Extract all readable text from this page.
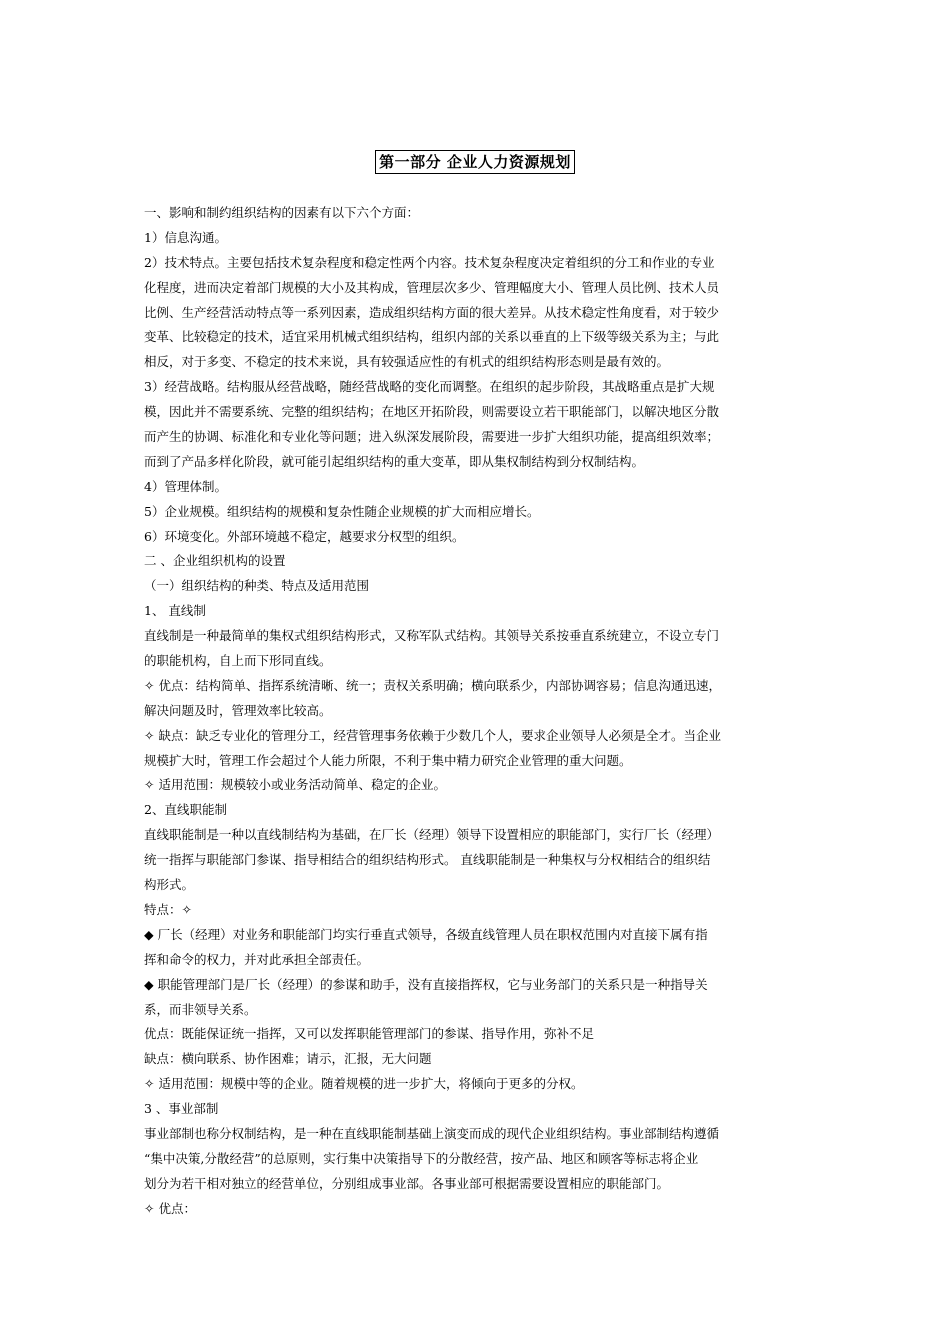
第一部分 企业人力资源规划
一、影响和制约组织结构的因素有以下六个方面：
1）信息沟通。
2）技术特点。主要包括技术复杂程度和稳定性两个内容。技术复杂程度决定着组织的分工和作业的专业
化程度，进而决定着部门规模的大小及其构成，管理层次多少、管理幅度大小、管理人员比例、技术人员
比例、生产经营活动特点等一系列因素，造成组织结构方面的很大差异。从技术稳定性角度看，对于较少
变革、比较稳定的技术，适宜采用机械式组织结构，组织内部的关系以垂直的上下级等级关系为主；与此
相反，对于多变、不稳定的技术来说，具有较强适应性的有机式的组织结构形态则是最有效的。
3）经营战略。结构服从经营战略，随经营战略的变化而调整。在组织的起步阶段，其战略重点是扩大规
模，因此并不需要系统、完整的组织结构；在地区开拓阶段，则需要设立若干职能部门，以解决地区分散
而产生的协调、标准化和专业化等问题；进入纵深发展阶段，需要进一步扩大组织功能，提高组织效率；
而到了产品多样化阶段，就可能引起组织结构的重大变革，即从集权制结构到分权制结构。
4）管理体制。
5）企业规模。组织结构的规模和复杂性随企业规模的扩大而相应增长。
6）环境变化。外部环境越不稳定，越要求分权型的组织。
二 、企业组织机构的设置
（一）组织结构的种类、特点及适用范围
1、 直线制
直线制是一种最简单的集权式组织结构形式，又称军队式结构。其领导关系按垂直系统建立，不设立专门
的职能机构，自上而下形同直线。
✧ 优点：结构简单、指挥系统清晰、统一；责权关系明确；横向联系少，内部协调容易；信息沟通迅速，
解决问题及时，管理效率比较高。
✧ 缺点：缺乏专业化的管理分工，经营管理事务依赖于少数几个人，要求企业领导人必须是全才。当企业
规模扩大时，管理工作会超过个人能力所限，不利于集中精力研究企业管理的重大问题。
✧ 适用范围：规模较小或业务活动简单、稳定的企业。
2、直线职能制
直线职能制是一种以直线制结构为基础，在厂长（经理）领导下设置相应的职能部门，实行厂长（经理）
统一指挥与职能部门参谋、指导相结合的组织结构形式。 直线职能制是一种集权与分权相结合的组织结
构形式。
特点：✧
◆ 厂长（经理）对业务和职能部门均实行垂直式领导，各级直线管理人员在职权范围内对直接下属有指
挥和命令的权力，并对此承担全部责任。
◆ 职能管理部门是厂长（经理）的参谋和助手，没有直接指挥权，它与业务部门的关系只是一种指导关
系，而非领导关系。
优点：既能保证统一指挥，又可以发挥职能管理部门的参谋、指导作用，弥补不足
缺点：横向联系、协作困难；请示，汇报，无大问题
✧ 适用范围：规模中等的企业。随着规模的进一步扩大，将倾向于更多的分权。
3 、事业部制
事业部制也称分权制结构，是一种在直线职能制基础上演变而成的现代企业组织结构。事业部制结构遵循
“集中决策,分散经营”的总原则，实行集中决策指导下的分散经营，按产品、地区和顾客等标志将企业
划分为若干相对独立的经营单位，分别组成事业部。各事业部可根据需要设置相应的职能部门。
✧ 优点：
